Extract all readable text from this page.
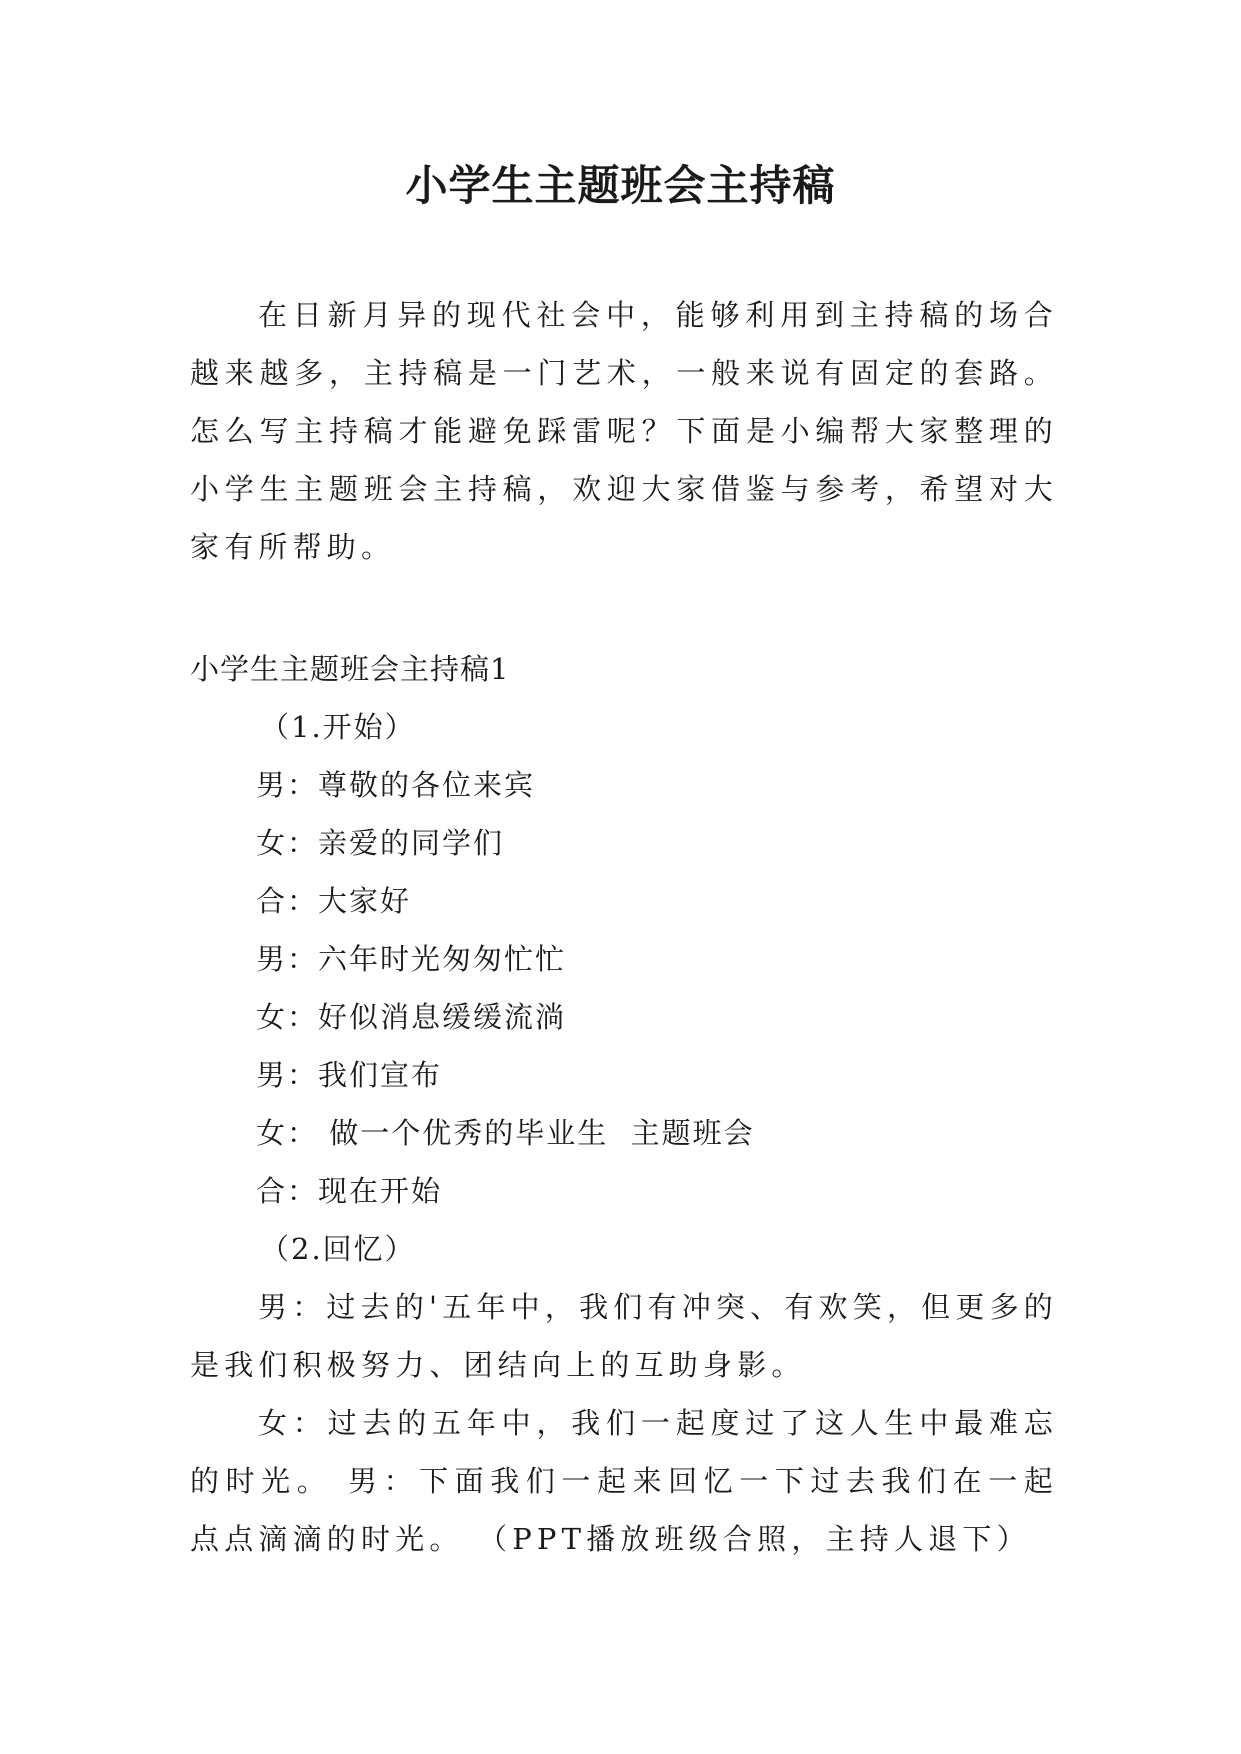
小学生主题班会主持稿

在日新月异的现代社会中，能够利用到主持稿的场合越来越多，主持稿是一门艺术，一般来说有固定的套路。怎么写主持稿才能避免踩雷呢？下面是小编帮大家整理的小学生主题班会主持稿，欢迎大家借鉴与参考，希望对大家有所帮助。

小学生主题班会主持稿1
（1.开始）
男：尊敬的各位来宾
女：亲爱的同学们
合：大家好
男：六年时光匆匆忙忙
女：好似消息缓缓流淌
男：我们宣布
女： 做一个优秀的毕业生  主题班会
合：现在开始
（2.回忆）

男：过去的'五年中，我们有冲突、有欢笑，但更多的是我们积极努力、团结向上的互助身影。

女：过去的五年中，我们一起度过了这人生中最难忘的时光。 男：下面我们一起来回忆一下过去我们在一起点点滴滴的时光。 （PPT播放班级合照，主持人退下）
